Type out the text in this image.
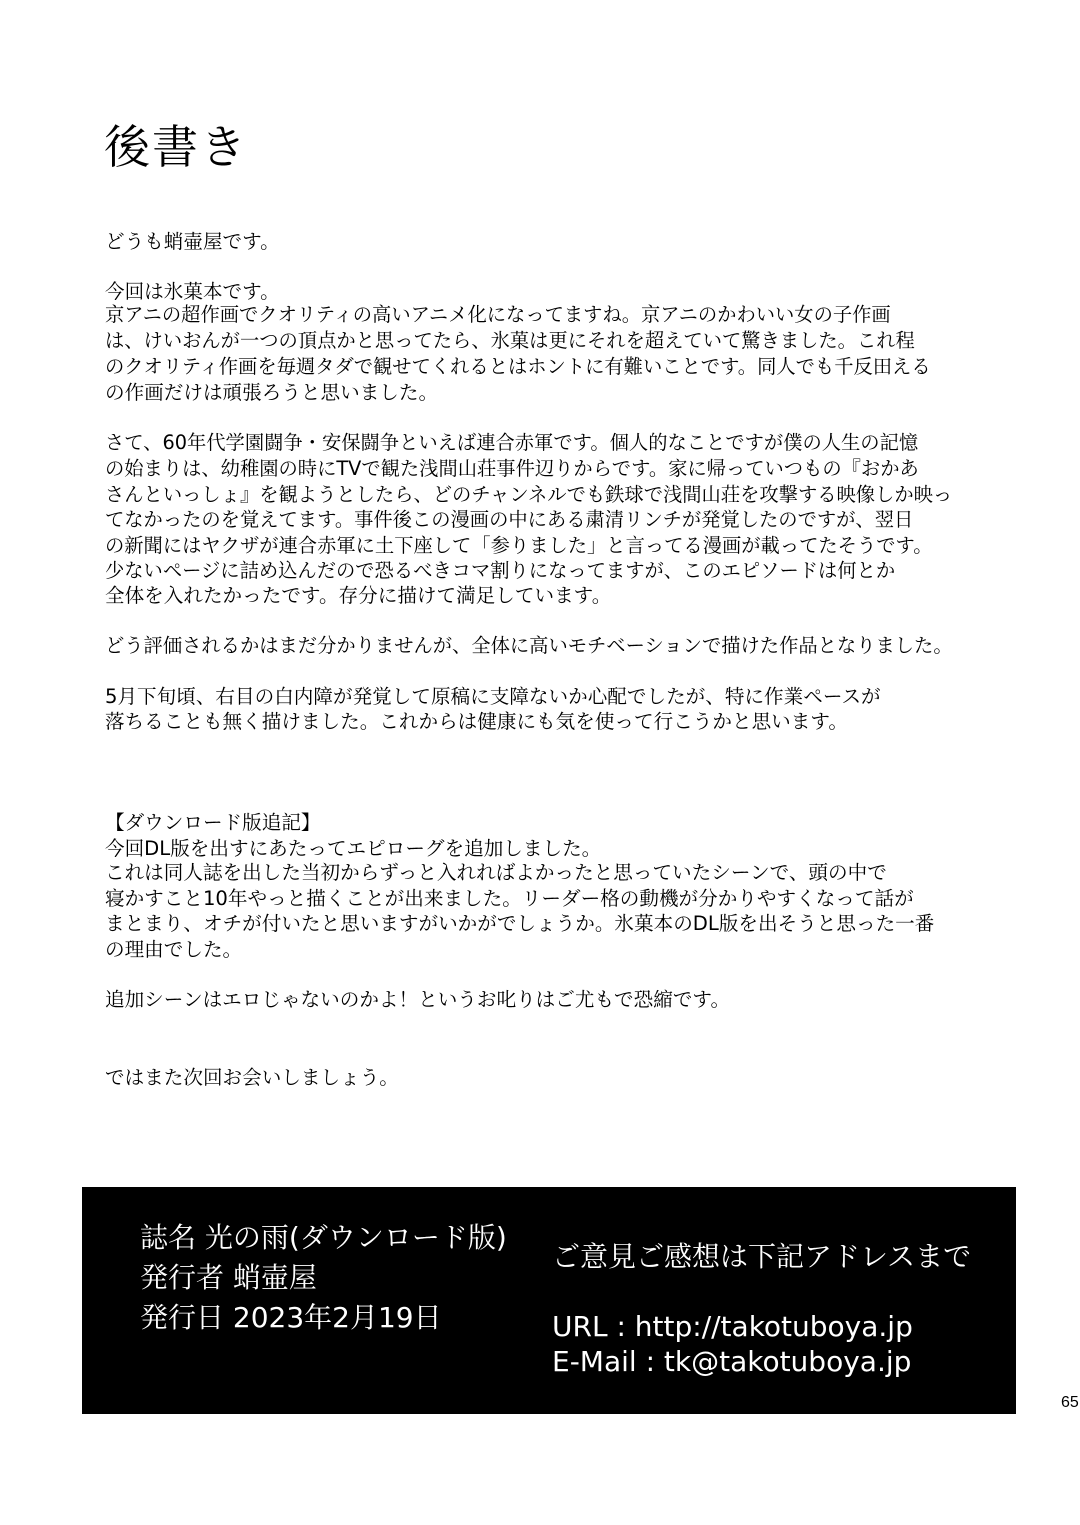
後書き
どうも蛸壷屋です。
今回は氷菓本です。
京アニの超作画でクオリティの高いアニメ化になってますね。京アニのかわいい女の子作画
は、けいおんが一つの頂点かと思ってたら、氷菓は更にそれを超えていて驚きました。これ程
のクオリティ作画を毎週タダで観せてくれるとはホントに有難いことです。同人でも千反田える
の作画だけは頑張ろうと思いました。
さて、60年代学園闘争・安保闘争といえば連合赤軍です。個人的なことですが僕の人生の記憶
の始まりは、幼稚園の時にTVで観た浅間山荘事件辺りからです。家に帰っていつもの『おかあ
さんといっしょ』を観ようとしたら、どのチャンネルでも鉄球で浅間山荘を攻撃する映像しか映っ
てなかったのを覚えてます。事件後この漫画の中にある粛清リンチが発覚したのですが、翌日
の新聞にはヤクザが連合赤軍に土下座して「参りました」と言ってる漫画が載ってたそうです。
少ないページに詰め込んだので恐るべきコマ割りになってますが、このエピソードは何とか
全体を入れたかったです。存分に描けて満足しています。
どう評価されるかはまだ分かりませんが、全体に高いモチベーションで描けた作品となりました。
5月下旬頃、右目の白内障が発覚して原稿に支障ないか心配でしたが、特に作業ペースが
落ちることも無く描けました。これからは健康にも気を使って行こうかと思います。
【ダウンロード版追記】
今回DL版を出すにあたってエピローグを追加しました。
これは同人誌を出した当初からずっと入れればよかったと思っていたシーンで、頭の中で
寝かすこと10年やっと描くことが出来ました。リーダー格の動機が分かりやすくなって話が
まとまり、オチが付いたと思いますがいかがでしょうか。氷菓本のDL版を出そうと思った一番
の理由でした。
追加シーンはエロじゃないのかよ！というお叱りはご尤もで恐縮です。
ではまた次回お会いしましょう。
誌名 光の雨(ダウンロード版)
発行者 蛸壷屋
発行日 2023年2月19日
ご意見ご感想は下記アドレスまで
URL : http://takotuboya.jp
E-Mail : tk@takotuboya.jp
65
